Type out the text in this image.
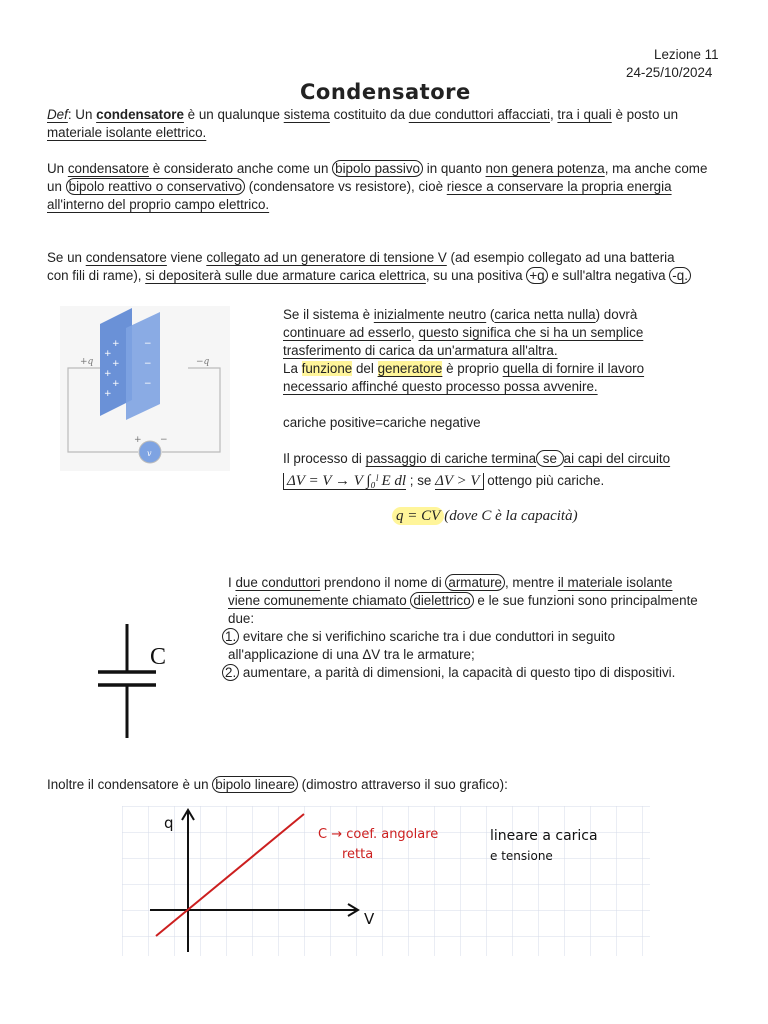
Lezione 11
24-25/10/2024
Condensatore
Def: Un condensatore è un qualunque sistema costituito da due conduttori affacciati, tra i quali è posto un
materiale isolante elettrico.
Un condensatore è considerato anche come un bipolo passivo in quanto non genera potenza, ma anche come
un bipolo reattivo o conservativo (condensatore vs resistore), cioè riesce a conservare la propria energia
all'interno del proprio campo elettrico.
Se un condensatore viene collegato ad un generatore di tensione V (ad esempio collegato ad una batteria
con fili di rame), si depositerà sulle due armature carica elettrica, su una positiva +q e sull'altra negativa -q.
+
+
+
+
+
+
−
−
−
v
+ −
+q	−q
Se il sistema è inizialmente neutro (carica netta nulla) dovrà
continuare ad esserlo, questo significa che si ha un semplice
trasferimento di carica da un'armatura all'altra.
La funzione del generatore è proprio quella di fornire il lavoro
necessario affinché questo processo possa avvenire.
cariche positive=cariche negative
Il processo di passaggio di cariche termina se ai capi del circuito
ΔV = V → V ∫₀ˡ E dl ; se ΔV > V ottengo più cariche.
q = CV (dove C è la capacità)
C
I due conduttori prendono il nome di armature , mentre il materiale isolante
viene comunemente chiamato dielettrico e le sue funzioni sono principalmente
due:
1. evitare che si verifichino scariche tra i due conduttori in seguito
all'applicazione di una ΔV tra le armature;
2. aumentare, a parità di dimensioni, la capacità di questo tipo di dispositivi.
Inoltre il condensatore è un bipolo lineare (dimostro attraverso il suo grafico):
q
V
C → coef. angolare
retta
lineare a carica
e tensione
